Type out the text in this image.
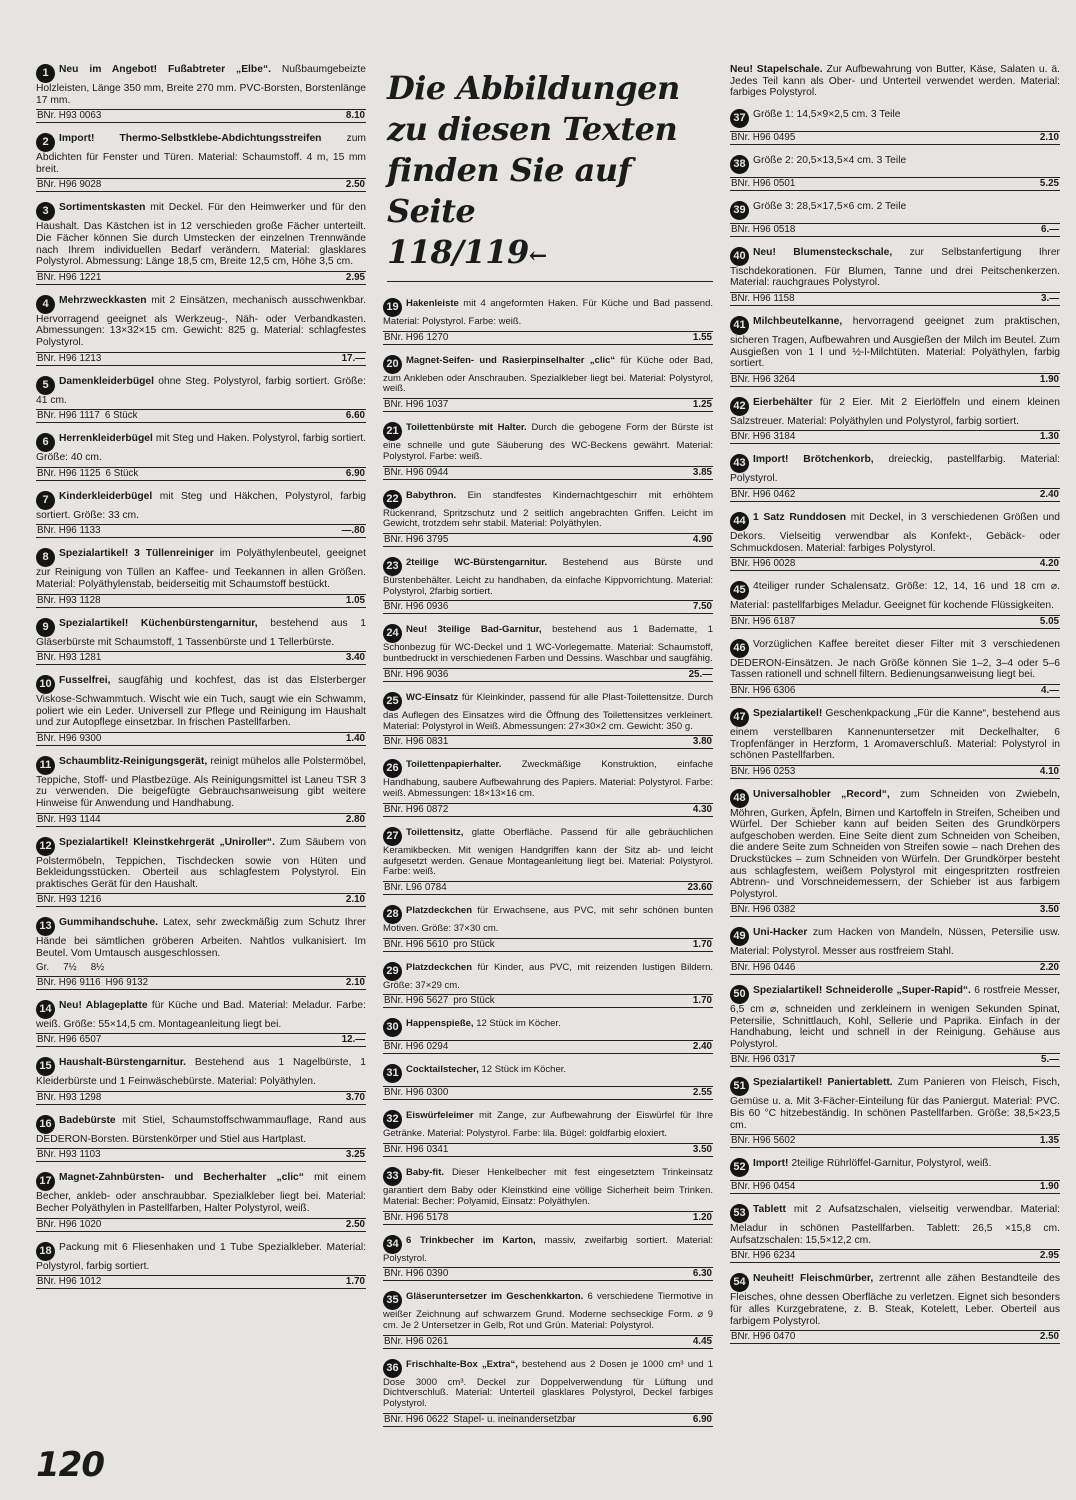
1 Neu im Angebot! Fußabtreter „Elbe“. Nußbaumgebeizte Holzleisten, Länge 350 mm, Breite 270 mm. PVC-Borsten, Borstenlänge 17 mm.

BNr. H93 0063	8.10

2 Import! Thermo-Selbstklebe-Abdichtungsstreifen zum Abdichten für Fenster und Türen. Material: Schaumstoff. 4 m, 15 mm breit.

BNr. H96 9028	2.50

3 Sortimentskasten mit Deckel. Für den Heimwerker und für den Haushalt. Das Kästchen ist in 12 verschieden große Fächer unterteilt. Die Fächer können Sie durch Umstecken der einzelnen Trennwände nach Ihrem individuellen Bedarf verändern. Material: glasklares Polystyrol. Abmessung: Länge 18,5 cm, Breite 12,5 cm, Höhe 3,5 cm.

BNr. H96 1221	2.95

4 Mehrzweckkasten mit 2 Einsätzen, mechanisch ausschwenkbar. Hervorragend geeignet als Werkzeug-, Näh- oder Verbandkasten. Abmessungen: 13×32×15 cm. Gewicht: 825 g. Material: schlagfestes Polystyrol.

BNr. H96 1213	17.—

5 Damenkleiderbügel ohne Steg. Polystyrol, farbig sortiert. Größe: 41 cm.

BNr. H96 1117 6 Stück	6.60

6 Herrenkleiderbügel mit Steg und Haken. Polystyrol, farbig sortiert. Größe: 40 cm.

BNr. H96 1125 6 Stück	6.90

7 Kinderkleiderbügel mit Steg und Häkchen, Polystyrol, farbig sortiert. Größe: 33 cm.

BNr. H96 1133	—.80

8 Spezialartikel! 3 Tüllenreiniger im Polyäthylenbeutel, geeignet zur Reinigung von Tüllen an Kaffee- und Teekannen in allen Größen. Material: Polyäthylenstab, beiderseitig mit Schaumstoff bestückt.

BNr. H93 1128	1.05

9 Spezialartikel! Küchenbürstengarnitur, bestehend aus 1 Gläserbürste mit Schaumstoff, 1 Tassenbürste und 1 Tellerbürste.

BNr. H93 1281	3.40

10 Fusselfrei, saugfähig und kochfest, das ist das Elsterberger Viskose-Schwammtuch. Wischt wie ein Tuch, saugt wie ein Schwamm, poliert wie ein Leder. Universell zur Pflege und Reinigung im Haushalt und zur Autopflege einsetzbar. In frischen Pastellfarben.

BNr. H96 9300	1.40

11 Schaumblitz-Reinigungsgerät, reinigt mühelos alle Polstermöbel, Teppiche, Stoff- und Plastbezüge. Als Reinigungsmittel ist Laneu TSR 3 zu verwenden. Die beigefügte Gebrauchsanweisung gibt weitere Hinweise für Anwendung und Handhabung.

BNr. H93 1144	2.80

12 Spezialartikel! Kleinstkehrgerät „Uniroller“. Zum Säubern von Polstermöbeln, Teppichen, Tischdecken sowie von Hüten und Bekleidungsstücken. Oberteil aus schlagfestem Polystyrol. Ein praktisches Gerät für den Haushalt.

BNr. H93 1216	2.10

13 Gummihandschuhe. Latex, sehr zweckmäßig zum Schutz Ihrer Hände bei sämtlichen gröberen Arbeiten. Nahtlos vulkanisiert. Im Beutel. Vom Umtausch ausgeschlossen.

Gr. 7½ 8½
BNr. H96 9116 H96 9132	2.10

14 Neu! Ablageplatte für Küche und Bad. Material: Meladur. Farbe: weiß. Größe: 55×14,5 cm. Montageanleitung liegt bei.

BNr. H96 6507	12.—

15 Haushalt-Bürstengarnitur. Bestehend aus 1 Nagelbürste, 1 Kleiderbürste und 1 Feinwäschebürste. Material: Polyäthylen.

BNr. H93 1298	3.70

16 Badebürste mit Stiel, Schaumstoffschwammauflage, Rand aus DEDERON-Borsten. Bürstenkörper und Stiel aus Hartplast.

BNr. H93 1103	3.25

17 Magnet-Zahnbürsten- und Becherhalter „clic“ mit einem Becher, ankleb- oder anschraubbar. Spezialkleber liegt bei. Material: Becher Polyäthylen in Pastellfarben, Halter Polystyrol, weiß.

BNr. H96 1020	2.50

18 Packung mit 6 Fliesenhaken und 1 Tube Spezialkleber. Material: Polystyrol, farbig sortiert.

BNr. H96 1012	1.70
Die Abbildungen
zu diesen Texten
finden Sie auf Seite
118/119←

19 Hakenleiste mit 4 angeformten Haken. Für Küche und Bad passend. Material: Polystyrol. Farbe: weiß.

BNr. H96 1270	1.55

20 Magnet-Seifen- und Rasierpinselhalter „clic“ für Küche oder Bad, zum Ankleben oder Anschrauben. Spezialkleber liegt bei. Material: Polystyrol, weiß.

BNr. H96 1037	1.25

21 Toilettenbürste mit Halter. Durch die gebogene Form der Bürste ist eine schnelle und gute Säuberung des WC-Beckens gewährt. Material: Polystyrol. Farbe: weiß.

BNr. H96 0944	3.85

22 Babythron. Ein standfestes Kindernachtgeschirr mit erhöhtem Rückenrand, Spritzschutz und 2 seitlich angebrachten Griffen. Leicht im Gewicht, trotzdem sehr stabil. Material: Polyäthylen.

BNr. H96 3795	4.90

23 2teilige WC-Bürstengarnitur. Bestehend aus Bürste und Bürstenbehälter. Leicht zu handhaben, da einfache Kippvorrichtung. Material: Polystyrol, 2farbig sortiert.

BNr. H96 0936	7.50

24 Neu! 3teilige Bad-Garnitur, bestehend aus 1 Badematte, 1 Schonbezug für WC-Deckel und 1 WC-Vorlegematte. Material: Schaumstoff, buntbedruckt in verschiedenen Farben und Dessins. Waschbar und saugfähig.

BNr. H96 9036	25.—

25 WC-Einsatz für Kleinkinder, passend für alle Plast-Toilettensitze. Durch das Auflegen des Einsatzes wird die Öffnung des Toilettensitzes verkleinert. Material: Polystyrol in Weiß. Abmessungen: 27×30×2 cm. Gewicht: 350 g.

BNr. H96 0831	3.80

26 Toilettenpapierhalter. Zweckmäßige Konstruktion, einfache Handhabung, saubere Aufbewahrung des Papiers. Material: Polystyrol. Farbe: weiß. Abmessungen: 18×13×16 cm.

BNr. H96 0872	4.30

27 Toilettensitz, glatte Oberfläche. Passend für alle gebräuchlichen Keramikbecken. Mit wenigen Handgriffen kann der Sitz ab- und leicht aufgesetzt werden. Genaue Montageanleitung liegt bei. Material: Polystyrol. Farbe: weiß.

BNr. L96 0784	23.60

28 Platzdeckchen für Erwachsene, aus PVC, mit sehr schönen bunten Motiven. Größe: 37×30 cm.

BNr. H96 5610 pro Stück	1.70

29 Platzdeckchen für Kinder, aus PVC, mit reizenden lustigen Bildern. Größe: 37×29 cm.

BNr. H96 5627 pro Stück	1.70

30 Happenspieße, 12 Stück im Köcher.

BNr. H96 0294	2.40

31 Cocktailstecher, 12 Stück im Köcher.

BNr. H96 0300	2.55

32 Eiswürfeleimer mit Zange, zur Aufbewahrung der Eiswürfel für Ihre Getränke. Material: Polystyrol. Farbe: lila. Bügel: goldfarbig eloxiert.

BNr. H96 0341	3.50

33 Baby-fit. Dieser Henkelbecher mit fest eingesetztem Trinkeinsatz garantiert dem Baby oder Kleinstkind eine völlige Sicherheit beim Trinken. Material: Becher: Polyamid, Einsatz: Polyäthylen.

BNr. H96 5178	1.20

34 6 Trinkbecher im Karton, massiv, zweifarbig sortiert. Material: Polystyrol.

BNr. H96 0390	6.30

35 Gläseruntersetzer im Geschenkkarton. 6 verschiedene Tiermotive in weißer Zeichnung auf schwarzem Grund. Moderne sechseckige Form. ⌀ 9 cm. Je 2 Untersetzer in Gelb, Rot und Grün. Material: Polystyrol.

BNr. H96 0261	4.45

36 Frischhalte-Box „Extra“, bestehend aus 2 Dosen je 1000 cm³ und 1 Dose 3000 cm³. Deckel zur Doppelverwendung für Lüftung und Dichtverschluß. Material: Unterteil glasklares Polystyrol, Deckel farbiges Polystyrol.

BNr. H96 0622 Stapel- u. ineinandersetzbar	6.90

Neu! Stapelschale. Zur Aufbewahrung von Butter, Käse, Salaten u. ä. Jedes Teil kann als Ober- und Unterteil verwendet werden. Material: farbiges Polystyrol.

37 Größe 1: 14,5×9×2,5 cm. 3 Teile

BNr. H96 0495	2.10

38 Größe 2: 20,5×13,5×4 cm. 3 Teile

BNr. H96 0501	5.25

39 Größe 3: 28,5×17,5×6 cm. 2 Teile

BNr. H96 0518	6.—

40 Neu! Blumensteckschale, zur Selbstanfertigung Ihrer Tischdekorationen. Für Blumen, Tanne und drei Peitschenkerzen. Material: rauchgraues Polystyrol.

BNr. H96 1158	3.—

41 Milchbeutelkanne, hervorragend geeignet zum praktischen, sicheren Tragen, Aufbewahren und Ausgießen der Milch im Beutel. Zum Ausgießen von 1 l und ½-l-Milchtüten. Material: Polyäthylen, farbig sortiert.

BNr. H96 3264	1.90

42 Eierbehälter für 2 Eier. Mit 2 Eierlöffeln und einem kleinen Salzstreuer. Material: Polyäthylen und Polystyrol, farbig sortiert.

BNr. H96 3184	1.30

43 Import! Brötchenkorb, dreieckig, pastellfarbig. Material: Polystyrol.

BNr. H96 0462	2.40

44 1 Satz Runddosen mit Deckel, in 3 verschiedenen Größen und Dekors. Vielseitig verwendbar als Konfekt-, Gebäck- oder Schmuckdosen. Material: farbiges Polystyrol.

BNr. H96 0028	4.20

45 4teiliger runder Schalensatz. Größe: 12, 14, 16 und 18 cm ⌀. Material: pastellfarbiges Meladur. Geeignet für kochende Flüssigkeiten.

BNr. H96 6187	5.05

46 Vorzüglichen Kaffee bereitet dieser Filter mit 3 verschiedenen DEDERON-Einsätzen. Je nach Größe können Sie 1–2, 3–4 oder 5–6 Tassen rationell und schnell filtern. Bedienungsanweisung liegt bei.

BNr. H96 6306	4.—

47 Spezialartikel! Geschenkpackung „Für die Kanne“, bestehend aus einem verstellbaren Kannenuntersetzer mit Deckelhalter, 6 Tropfenfänger in Herzform, 1 Aromaverschluß. Material: Polystyrol in schönen Pastellfarben.

BNr. H96 0253	4.10

48 Universalhobler „Record“, zum Schneiden von Zwiebeln, Möhren, Gurken, Äpfeln, Birnen und Kartoffeln in Streifen, Scheiben und Würfel. Der Schieber kann auf beiden Seiten des Grundkörpers aufgeschoben werden. Eine Seite dient zum Schneiden von Scheiben, die andere Seite zum Schneiden von Streifen sowie – nach Drehen des Druckstückes – zum Schneiden von Würfeln. Der Grundkörper besteht aus schlagfestem, weißem Polystyrol mit eingespritzten rostfreien Abtrenn- und Vorschneidemessern, der Schieber ist aus farbigem Polystyrol.

BNr. H96 0382	3.50

49 Uni-Hacker zum Hacken von Mandeln, Nüssen, Petersilie usw. Material: Polystyrol. Messer aus rostfreiem Stahl.

BNr. H96 0446	2.20

50 Spezialartikel! Schneiderolle „Super-Rapid“. 6 rostfreie Messer, 6,5 cm ⌀, schneiden und zerkleinern in wenigen Sekunden Spinat, Petersilie, Schnittlauch, Kohl, Sellerie und Paprika. Einfach in der Handhabung, leicht und schnell in der Reinigung. Gehäuse aus Polystyrol.

BNr. H96 0317	5.—

51 Spezialartikel! Paniertablett. Zum Panieren von Fleisch, Fisch, Gemüse u. a. Mit 3-Fächer-Einteilung für das Paniergut. Material: PVC. Bis 60 °C hitzebeständig. In schönen Pastellfarben. Größe: 38,5×23,5 cm.

BNr. H96 5602	1.35

52 Import! 2teilige Rührlöffel-Garnitur, Polystyrol, weiß.

BNr. H96 0454	1.90

53 Tablett mit 2 Aufsatzschalen, vielseitig verwendbar. Material: Meladur in schönen Pastellfarben. Tablett: 26,5 ×15,8 cm. Aufsatzschalen: 15,5×12,2 cm.

BNr. H96 6234	2.95

54 Neuheit! Fleischmürber, zertrennt alle zähen Bestandteile des Fleisches, ohne dessen Oberfläche zu verletzen. Eignet sich besonders für alles Kurzgebratene, z. B. Steak, Kotelett, Leber. Oberteil aus farbigem Polystyrol.

BNr. H96 0470	2.50
120
